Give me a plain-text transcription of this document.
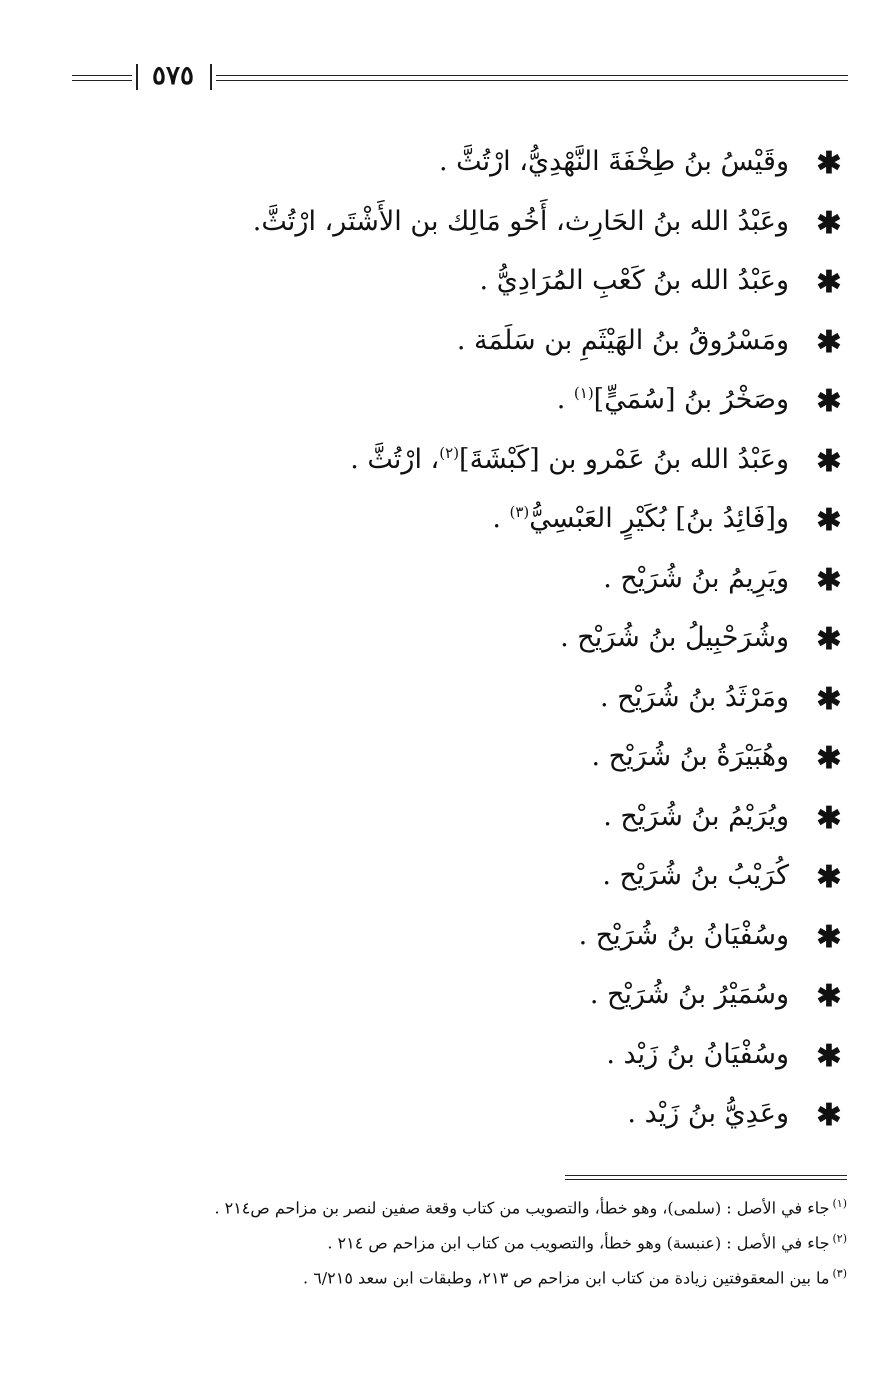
٥٧٥
✱
وقَيْسُ بنُ طِخْفَةَ النَّهْدِيُّ، ارْتُثَّ .
✱
وعَبْدُ الله بنُ الحَارِث، أَخُو مَالِك بن الأَشْتَر، ارْتُثَّ.
✱
وعَبْدُ الله بنُ كَعْبِ المُرَادِيُّ .
✱
ومَسْرُوقُ بنُ الهَيْثَمِ بن سَلَمَة .
✱
وصَخْرُ بنُ [سُمَيٍّ]$^{(١)}$ .
✱
وعَبْدُ الله بنُ عَمْرو بن [كَبْشَةَ]$^{(٢)}$، ارْتُثَّ .
✱
و[فَائِدُ بنُ] بُكَيْرٍ العَبْسِيُّ$^{(٣)}$ .
✱
ويَرِيمُ بنُ شُرَيْح .
✱
وشُرَحْبِيلُ بنُ شُرَيْح .
✱
ومَرْثَدُ بنُ شُرَيْح .
✱
وهُبَيْرَةُ بنُ شُرَيْح .
✱
ويُرَيْمُ بنُ شُرَيْح .
✱
كُرَيْبُ بنُ شُرَيْح .
✱
وسُفْيَانُ بنُ شُرَيْح .
✱
وسُمَيْرُ بنُ شُرَيْح .
✱
وسُفْيَانُ بنُ زَيْد .
✱
وعَدِيُّ بنُ زَيْد .
$^{(١)}$جاء في الأصل : (سلمى)، وهو خطأ، والتصويب من كتاب وقعة صفين لنصر بن مزاحم ص٢١٤ .
$^{(٢)}$جاء في الأصل : (عنبسة) وهو خطأ، والتصويب من كتاب ابن مزاحم ص ٢١٤ .
$^{(٣)}$ما بين المعقوفتين زيادة من كتاب ابن مزاحم ص ٢١٣، وطبقات ابن سعد ٦/٢١٥ .
